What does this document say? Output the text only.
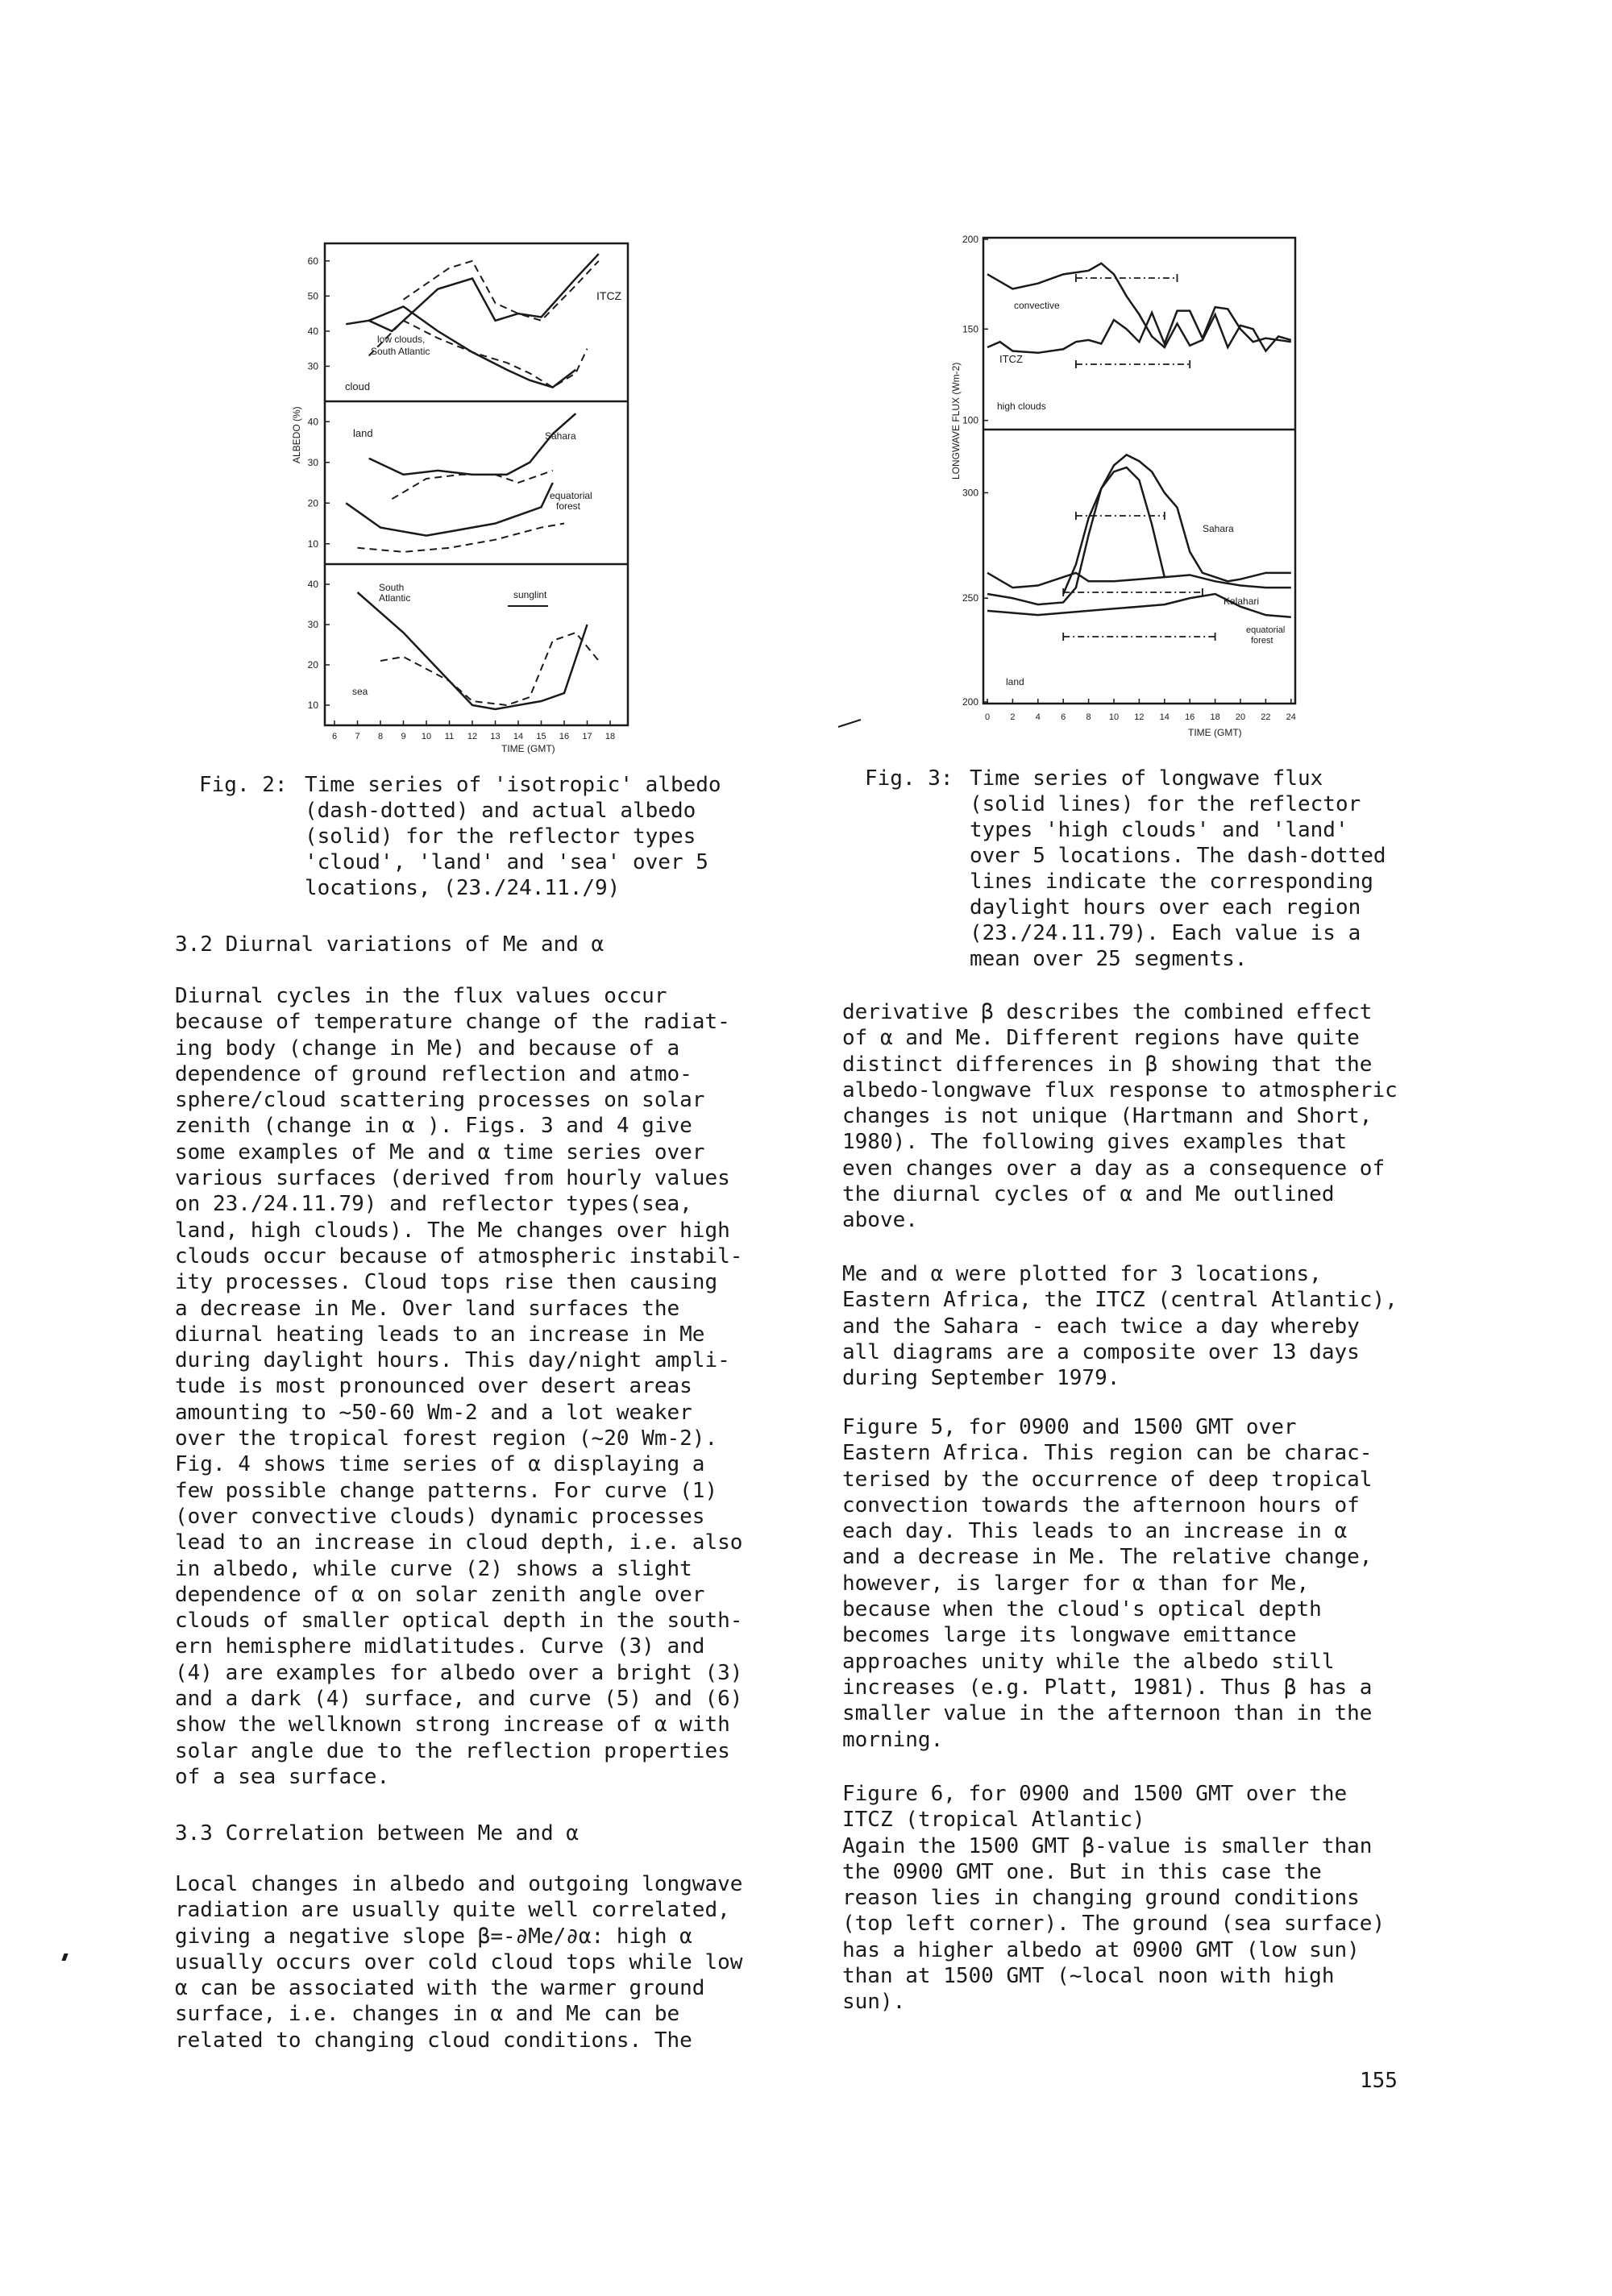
60
50
40
30
40
30
20
10
40
30
20
10
6 7 8 9 10 11 12 13 14 15 16 17 18
ITCZ
low clouds,
South Atlantic
cloud
land	Sahara
equatorial
forest
South
Atlantic	sunglint
sea
ALBEDO (%)
TIME (GMT)
Fig. 2: Time series of 'isotropic' albedo
(dash-dotted) and actual albedo
(solid) for the reflector types
'cloud', 'land' and 'sea' over 5
locations, (23./24.11./9)
200
150
100
300
250
200
0 2 4 6 8 10 12 14 16 18 20 22 24
convective
ITCZ
high clouds
Sahara
Kalahari
equatorial
forest
land
LONGWAVE FLUX (Wm-2)
TIME (GMT)
Fig. 3: Time series of longwave flux
(solid lines) for the reflector
types 'high clouds' and 'land'
over 5 locations. The dash-dotted
lines indicate the corresponding
daylight hours over each region
(23./24.11.79). Each value is a
mean over 25 segments.
3.2 Diurnal variations of Me and α
Diurnal cycles in the flux values occur
because of temperature change of the radiat-
ing body (change in Me) and because of a
dependence of ground reflection and atmo-
sphere/cloud scattering processes on solar
zenith (change in α ). Figs. 3 and 4 give
some examples of Me and α time series over
various surfaces (derived from hourly values
on 23./24.11.79) and reflector types(sea,
land, high clouds). The Me changes over high
clouds occur because of atmospheric instabil-
ity processes. Cloud tops rise then causing
a decrease in Me. Over land surfaces the
diurnal heating leads to an increase in Me
during daylight hours. This day/night ampli-
tude is most pronounced over desert areas
amounting to ~50-60 Wm-2 and a lot weaker
over the tropical forest region (~20 Wm-2).
Fig. 4 shows time series of α displaying a
few possible change patterns. For curve (1)
(over convective clouds) dynamic processes
lead to an increase in cloud depth, i.e. also
in albedo, while curve (2) shows a slight
dependence of α on solar zenith angle over
clouds of smaller optical depth in the south-
ern hemisphere midlatitudes. Curve (3) and
(4) are examples for albedo over a bright (3)
and a dark (4) surface, and curve (5) and (6)
show the wellknown strong increase of α with
solar angle due to the reflection properties
of a sea surface.
3.3 Correlation between Me and α
Local changes in albedo and outgoing longwave
radiation are usually quite well correlated,
giving a negative slope β=-∂Me/∂α: high α
usually occurs over cold cloud tops while low
α can be associated with the warmer ground
surface, i.e. changes in α and Me can be
related to changing cloud conditions. The
derivative β describes the combined effect
of α and Me. Different regions have quite
distinct differences in β showing that the
albedo-longwave flux response to atmospheric
changes is not unique (Hartmann and Short,
1980). The following gives examples that
even changes over a day as a consequence of
the diurnal cycles of α and Me outlined
above.
Me and α were plotted for 3 locations,
Eastern Africa, the ITCZ (central Atlantic),
and the Sahara - each twice a day whereby
all diagrams are a composite over 13 days
during September 1979.
Figure 5, for 0900 and 1500 GMT over
Eastern Africa. This region can be charac-
terised by the occurrence of deep tropical
convection towards the afternoon hours of
each day. This leads to an increase in α
and a decrease in Me. The relative change,
however, is larger for α than for Me,
because when the cloud's optical depth
becomes large its longwave emittance
approaches unity while the albedo still
increases (e.g. Platt, 1981). Thus β has a
smaller value in the afternoon than in the
morning.
Figure 6, for 0900 and 1500 GMT over the
ITCZ (tropical Atlantic)
Again the 1500 GMT β-value is smaller than
the 0900 GMT one. But in this case the
reason lies in changing ground conditions
(top left corner). The ground (sea surface)
has a higher albedo at 0900 GMT (low sun)
than at 1500 GMT (~local noon with high
sun).
155
